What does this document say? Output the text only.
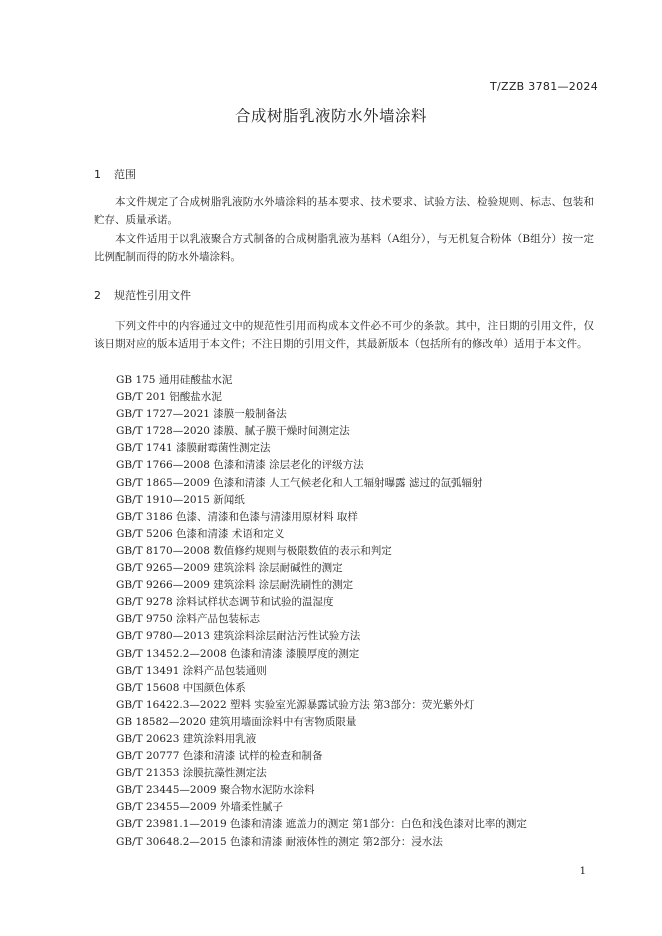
T/ZZB 3781—2024
合成树脂乳液防水外墙涂料
1 范围

本文件规定了合成树脂乳液防水外墙涂料的基本要求、技术要求、试验方法、检验规则、标志、包装和贮存、质量承诺。

本文件适用于以乳液聚合方式制备的合成树脂乳液为基料（A组分），与无机复合粉体（B组分）按一定比例配制而得的防水外墙涂料。

2 规范性引用文件

下列文件中的内容通过文中的规范性引用而构成本文件必不可少的条款。其中，注日期的引用文件，仅该日期对应的版本适用于本文件；不注日期的引用文件，其最新版本（包括所有的修改单）适用于本文件。

GB 175 通用硅酸盐水泥
GB/T 201 铝酸盐水泥
GB/T 1727—2021 漆膜一般制备法
GB/T 1728—2020 漆膜、腻子膜干燥时间测定法
GB/T 1741 漆膜耐霉菌性测定法
GB/T 1766—2008 色漆和清漆 涂层老化的评级方法
GB/T 1865—2009 色漆和清漆 人工气候老化和人工辐射曝露 滤过的氙弧辐射
GB/T 1910—2015 新闻纸
GB/T 3186 色漆、清漆和色漆与清漆用原材料 取样
GB/T 5206 色漆和清漆 术语和定义
GB/T 8170—2008 数值修约规则与极限数值的表示和判定
GB/T 9265—2009 建筑涂料 涂层耐碱性的测定
GB/T 9266—2009 建筑涂料 涂层耐洗刷性的测定
GB/T 9278 涂料试样状态调节和试验的温湿度
GB/T 9750 涂料产品包装标志
GB/T 9780—2013 建筑涂料涂层耐沾污性试验方法
GB/T 13452.2—2008 色漆和清漆 漆膜厚度的测定
GB/T 13491 涂料产品包装通则
GB/T 15608 中国颜色体系
GB/T 16422.3—2022 塑料 实验室光源暴露试验方法 第3部分：荧光紫外灯
GB 18582—2020 建筑用墙面涂料中有害物质限量
GB/T 20623 建筑涂料用乳液
GB/T 20777 色漆和清漆 试样的检查和制备
GB/T 21353 涂膜抗藻性测定法
GB/T 23445—2009 聚合物水泥防水涂料
GB/T 23455—2009 外墙柔性腻子
GB/T 23981.1—2019 色漆和清漆 遮盖力的测定 第1部分：白色和浅色漆对比率的测定
GB/T 30648.2—2015 色漆和清漆 耐液体性的测定 第2部分：浸水法
1
